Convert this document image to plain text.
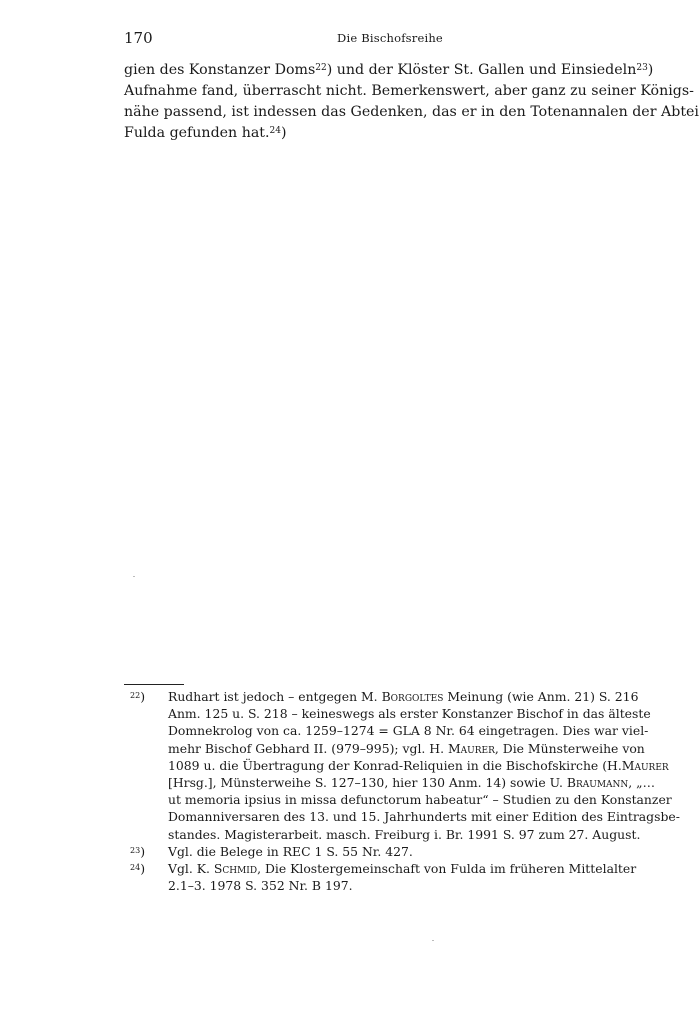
170	Die Bischofsreihe
gien des Konstanzer Doms$^{22}$) und der Klöster St. Gallen und Einsiedeln$^{23}$)
Aufnahme fand, überrascht nicht. Bemerkenswert, aber ganz zu seiner Königs-
nähe passend, ist indessen das Gedenken, das er in den Totenannalen der Abtei
Fulda gefunden hat.$^{24}$)
$^{22}$) Rudhart ist jedoch – entgegen M. Borgoltes Meinung (wie Anm. 21) S. 216
Anm. 125 u. S. 218 – keineswegs als erster Konstanzer Bischof in das älteste
Domnekrolog von ca. 1259–1274 = GLA 8 Nr. 64 eingetragen. Dies war viel-
mehr Bischof Gebhard II. (979–995); vgl. H. Maurer, Die Münsterweihe von
1089 u. die Übertragung der Konrad-Reliquien in die Bischofskirche (H.Maurer
[Hrsg.], Münsterweihe S. 127–130, hier 130 Anm. 14) sowie U. Braumann, „…
ut memoria ipsius in missa defunctorum habeatur“ – Studien zu den Konstanzer
Domanniversaren des 13. und 15. Jahrhunderts mit einer Edition des Eintragsbe-
standes. Magisterarbeit. masch. Freiburg i. Br. 1991 S. 97 zum 27. August.
$^{23}$) Vgl. die Belege in REC 1 S. 55 Nr. 427.
$^{24}$) Vgl. K. Schmid, Die Klostergemeinschaft von Fulda im früheren Mittelalter
2.1–3. 1978 S. 352 Nr. B 197.
